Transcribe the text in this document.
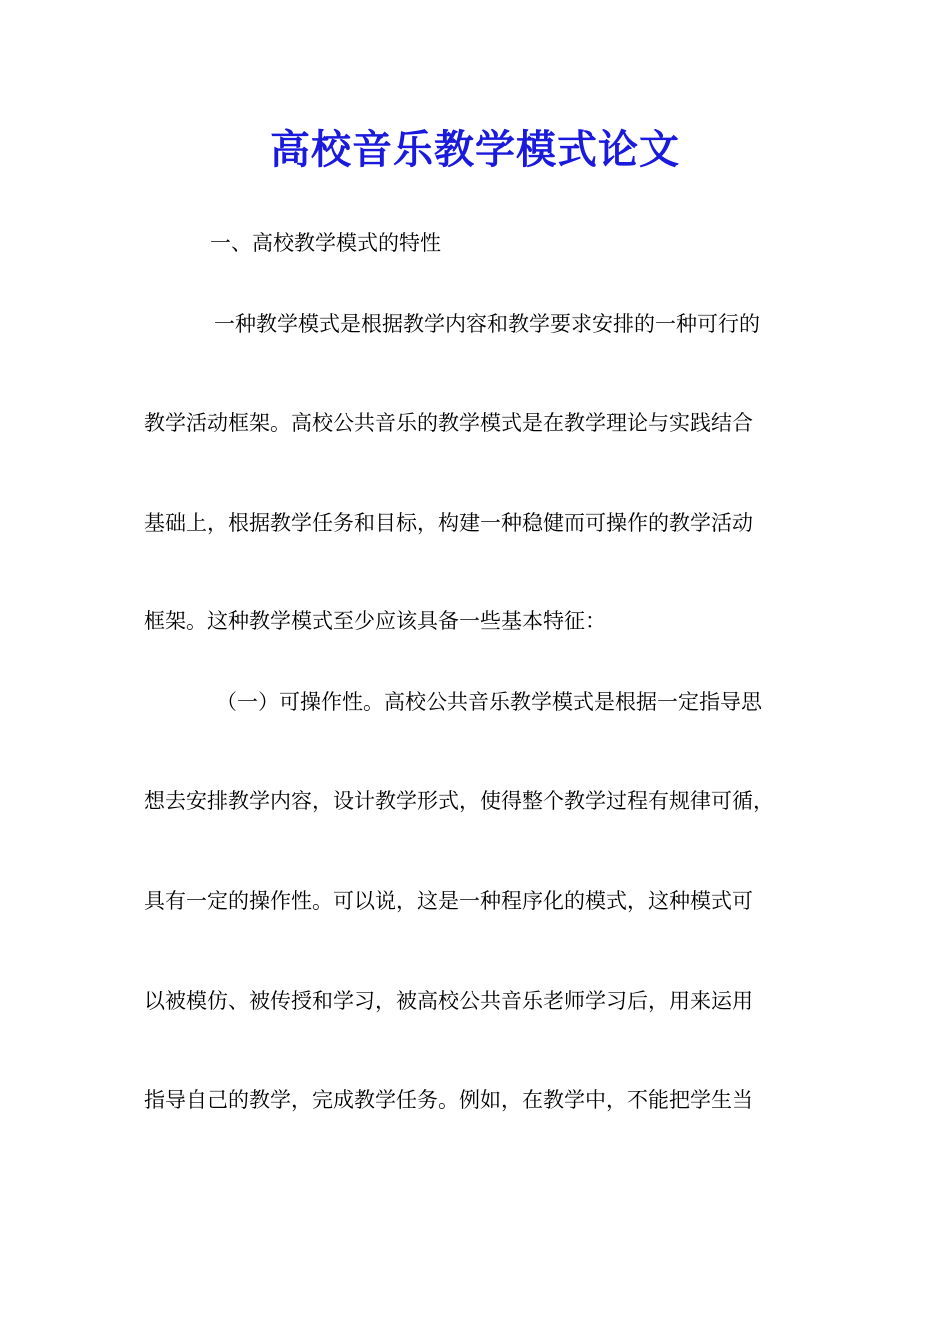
高校音乐教学模式论文

一、高校教学模式的特性

一种教学模式是根据教学内容和教学要求安排的一种可行的

教学活动框架。高校公共音乐的教学模式是在教学理论与实践结合

基础上，根据教学任务和目标，构建一种稳健而可操作的教学活动

框架。这种教学模式至少应该具备一些基本特征：

（一）可操作性。高校公共音乐教学模式是根据一定指导思

想去安排教学内容，设计教学形式，使得整个教学过程有规律可循，

具有一定的操作性。可以说，这是一种程序化的模式，这种模式可

以被模仿、被传授和学习，被高校公共音乐老师学习后，用来运用

指导自己的教学，完成教学任务。例如，在教学中，不能把学生当
